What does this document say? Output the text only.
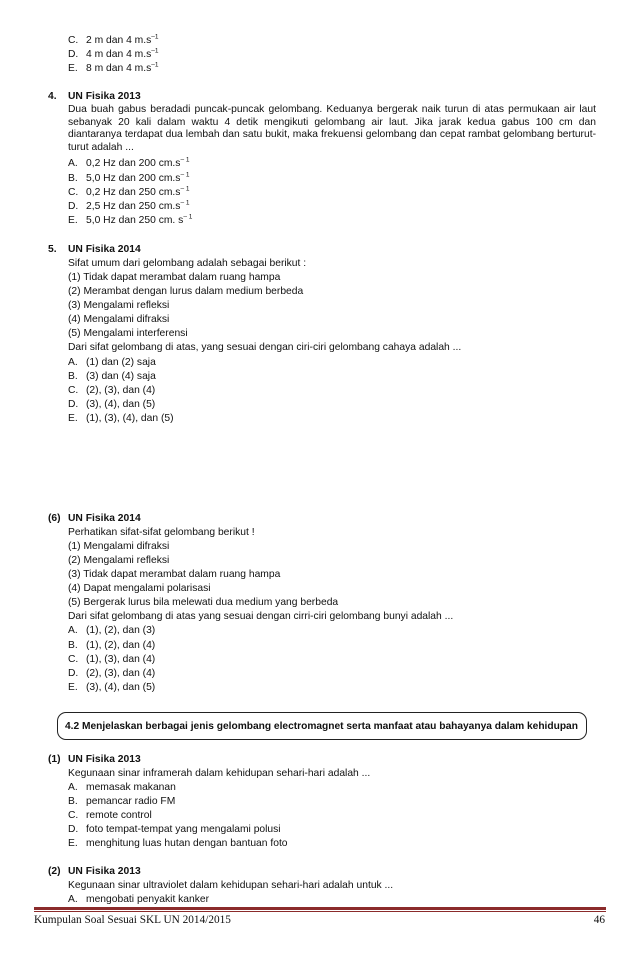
C. 2 m dan 4 $m.s^{-1}$
D. 4 m dan 4 $m.s^{-1}$
E. 8 m dan 4 $m.s^{-1}$
4. UN Fisika 2013
Dua buah gabus beradadi puncak-puncak gelombang. Keduanya bergerak naik turun di atas permukaan air laut sebanyak 20 kali dalam waktu 4 detik mengikuti gelombang air laut. Jika jarak kedua gabus 100 cm dan diantaranya terdapat dua lembah dan satu bukit, maka frekuensi gelombang dan cepat rambat gelombang berturut-turut adalah ...
A. 0,2 Hz dan 200 $cm.s^{- 1}$
B. 5,0 Hz dan 200 $cm.s^{- 1}$
C. 0,2 Hz dan 250 $cm.s^{- 1}$
D. 2,5 Hz dan 250 $cm.s^{- 1}$
E. 5,0 Hz dan 250 cm. $s^{- 1}$
5. UN Fisika 2014
Sifat umum dari gelombang adalah sebagai berikut :
(1) Tidak dapat merambat dalam ruang hampa
(2) Merambat dengan lurus dalam medium berbeda
(3) Mengalami refleksi
(4) Mengalami difraksi
(5) Mengalami interferensi
Dari sifat gelombang di atas, yang sesuai dengan ciri-ciri gelombang cahaya adalah ...
A. (1) dan (2) saja
B. (3) dan (4) saja
C. (2), (3), dan (4)
D. (3), (4), dan (5)
E. (1), (3), (4), dan (5)
(6) UN Fisika 2014
Perhatikan sifat-sifat gelombang berikut !
(1) Mengalami difraksi
(2) Mengalami refleksi
(3) Tidak dapat merambat dalam ruang hampa
(4) Dapat mengalami polarisasi
(5) Bergerak lurus bila melewati dua medium yang berbeda
Dari sifat gelombang di atas yang sesuai dengan cirri-ciri gelombang bunyi adalah ...
A. (1), (2), dan (3)
B. (1), (2), dan (4)
C. (1), (3), dan (4)
D. (2), (3), dan (4)
E. (3), (4), dan (5)
4.2 Menjelaskan berbagai jenis gelombang electromagnet serta manfaat atau bahayanya dalam kehidupan
(1) UN Fisika 2013
Kegunaan sinar inframerah dalam kehidupan sehari-hari adalah ...
A. memasak makanan
B. pemancar radio FM
C. remote control
D. foto tempat-tempat yang mengalami polusi
E. menghitung luas hutan dengan bantuan foto
(2) UN Fisika 2013
Kegunaan sinar ultraviolet dalam kehidupan sehari-hari adalah untuk ...
A. mengobati penyakit kanker
Kumpulan Soal Sesuai SKL UN 2014/2015	46
